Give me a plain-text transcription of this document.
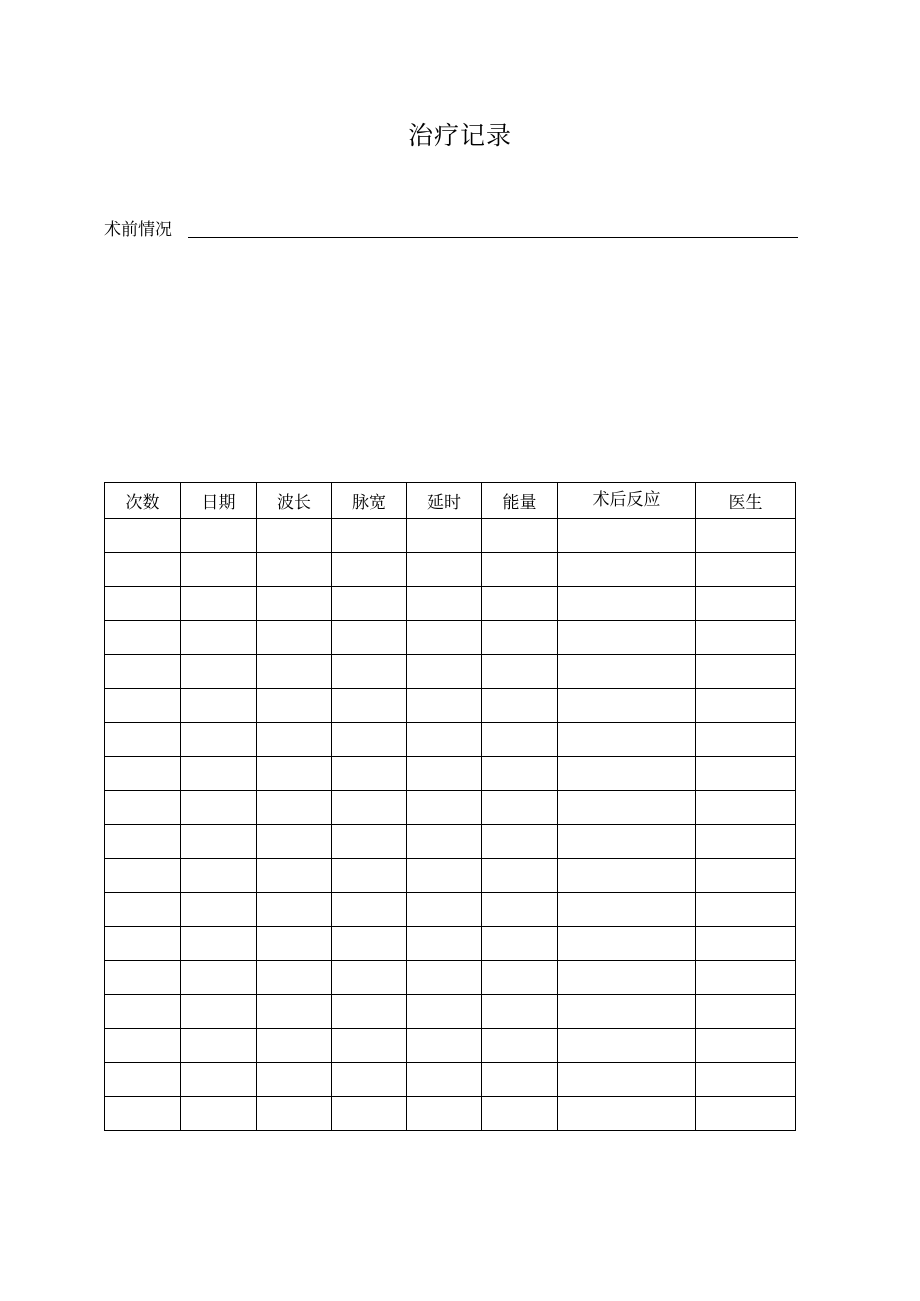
治疗记录
术前情况
次数	日期	波长	脉宽	延时	能量	术后反应	医生
